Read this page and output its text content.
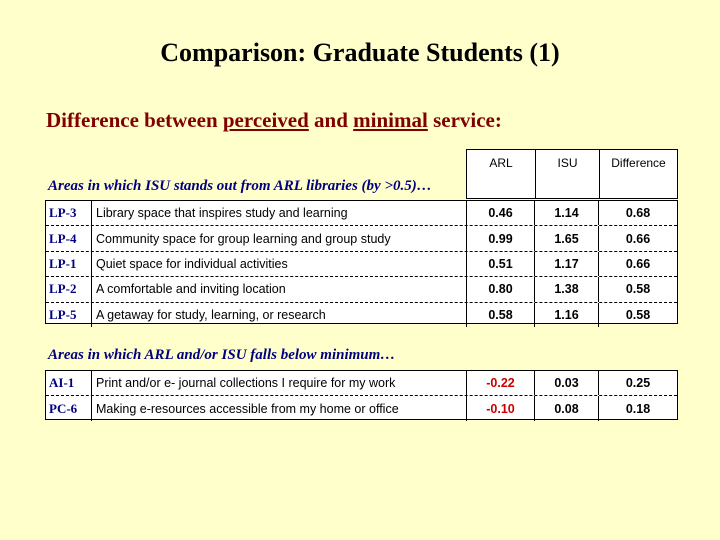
Comparison: Graduate Students (1)
Difference between perceived and minimal service:
ARL	ISU	Difference
Areas in which ISU stands out from ARL libraries (by >0.5)…
LP-3	Library space that inspires study and learning	0.46	1.14	0.68
LP-4	Community space for group learning and group study	0.99	1.65	0.66
LP-1	Quiet space for individual activities	0.51	1.17	0.66
LP-2	A comfortable and inviting location	0.80	1.38	0.58
LP-5	A getaway for study, learning, or research	0.58	1.16	0.58
Areas in which ARL and/or ISU falls below minimum…
AI-1	Print and/or e- journal collections I require for my work	-0.22	0.03	0.25
PC-6	Making e-resources accessible from my home or office	-0.10	0.08	0.18
